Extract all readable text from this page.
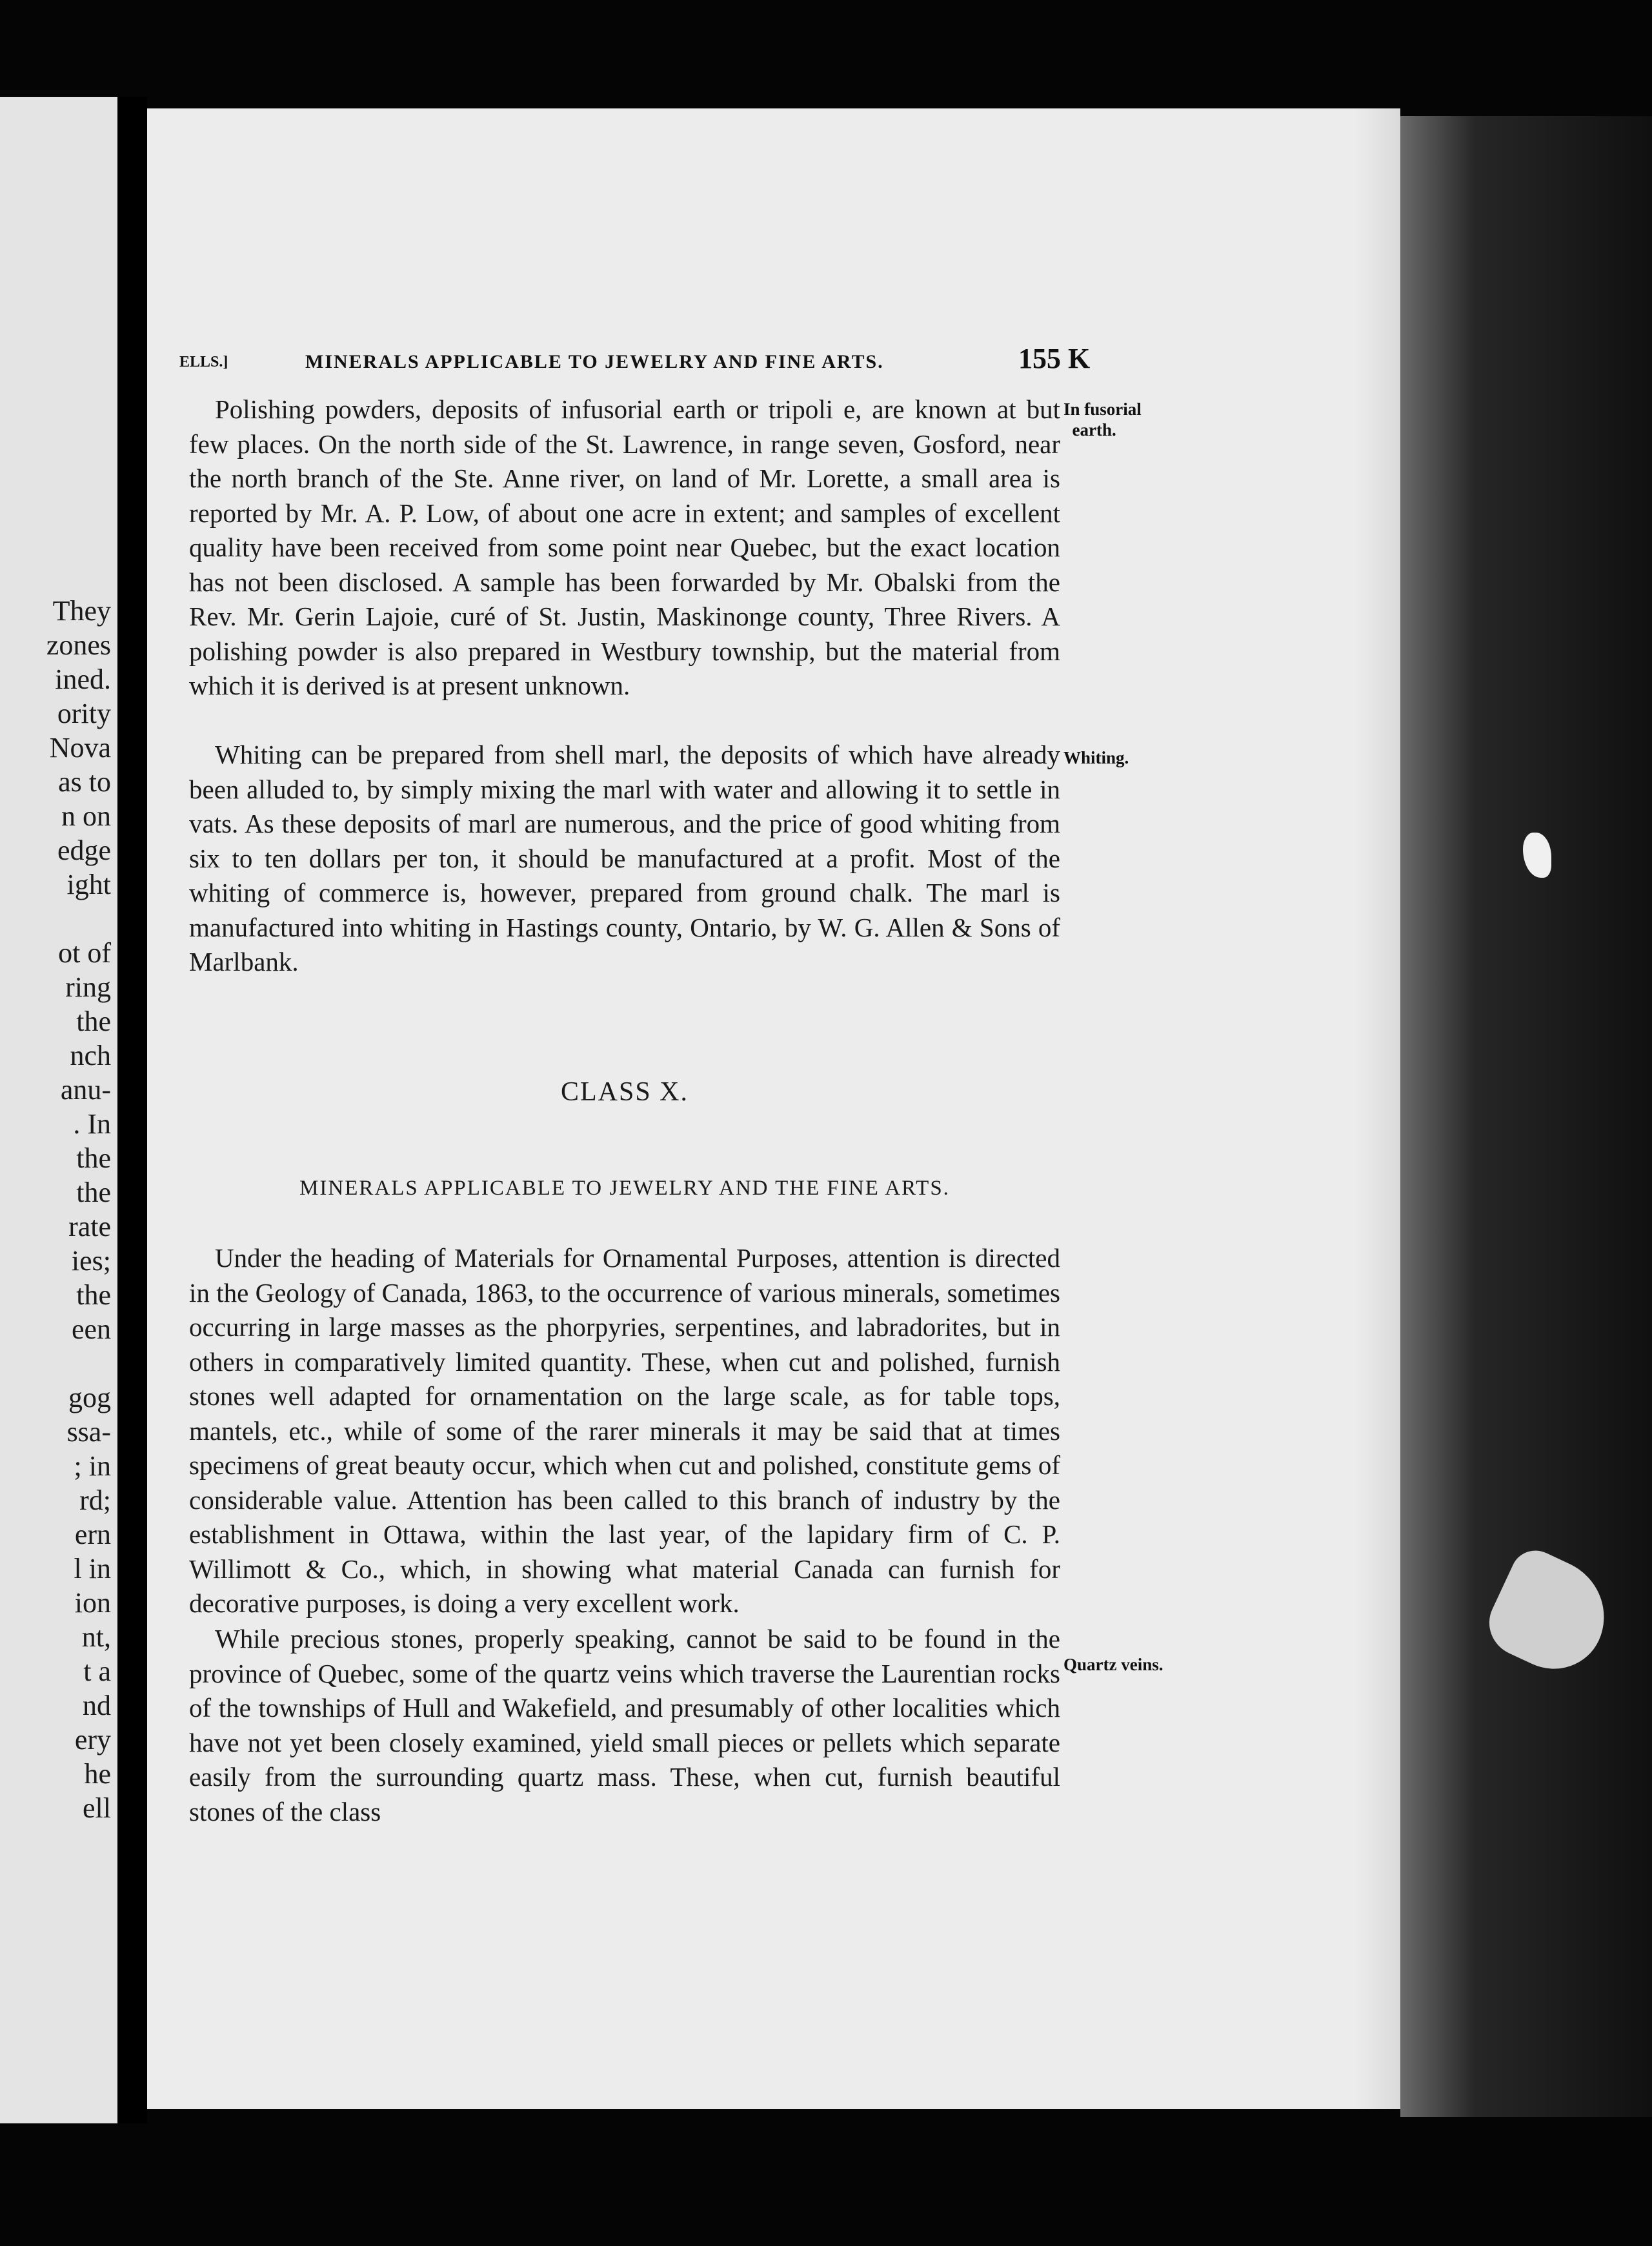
They
zones
ined.
ority
Nova
as to
n on
edge
ight

ot of
ring
the
nch
anu-
. In
the
the
rate
ies;
the
een

gog
ssa-
; in
rd;
ern
l in
ion
nt,
t a
nd
ery
he
ell
ELLS.]	MINERALS APPLICABLE TO JEWELRY AND FINE ARTS.	155 K

Polishing powders, deposits of infusorial earth or tripoli e, are known at but few places. On the north side of the St. Lawrence, in range seven, Gosford, near the north branch of the Ste. Anne river, on land of Mr. Lorette, a small area is reported by Mr. A. P. Low, of about one acre in extent; and samples of excellent quality have been received from some point near Quebec, but the exact location has not been disclosed. A sample has been forwarded by Mr. Obalski from the Rev. Mr. Gerin Lajoie, curé of St. Justin, Maskinonge county, Three Rivers. A polishing powder is also prepared in Westbury township, but the material from which it is derived is at present unknown.

In fusorial
earth.

Whiting can be prepared from shell marl, the deposits of which have already been alluded to, by simply mixing the marl with water and allowing it to settle in vats. As these deposits of marl are numerous, and the price of good whiting from six to ten dollars per ton, it should be manufactured at a profit. Most of the whiting of commerce is, however, prepared from ground chalk. The marl is manufactured into whiting in Hastings county, Ontario, by W. G. Allen & Sons of Marlbank.

Whiting.
CLASS X.
MINERALS APPLICABLE TO JEWELRY AND THE FINE ARTS.

Under the heading of Materials for Ornamental Purposes, attention is directed in the Geology of Canada, 1863, to the occurrence of various minerals, sometimes occurring in large masses as the phorpyries, serpentines, and labradorites, but in others in comparatively limited quantity. These, when cut and polished, furnish stones well adapted for ornamentation on the large scale, as for table tops, mantels, etc., while of some of the rarer minerals it may be said that at times specimens of great beauty occur, which when cut and polished, constitute gems of considerable value. Attention has been called to this branch of industry by the establishment in Ottawa, within the last year, of the lapidary firm of C. P. Willimott & Co., which, in showing what material Canada can furnish for decorative purposes, is doing a very excellent work.

While precious stones, properly speaking, cannot be said to be found in the province of Quebec, some of the quartz veins which traverse the Laurentian rocks of the townships of Hull and Wakefield, and presumably of other localities which have not yet been closely examined, yield small pieces or pellets which separate easily from the surrounding quartz mass. These, when cut, furnish beautiful stones of the class

Quartz veins.
